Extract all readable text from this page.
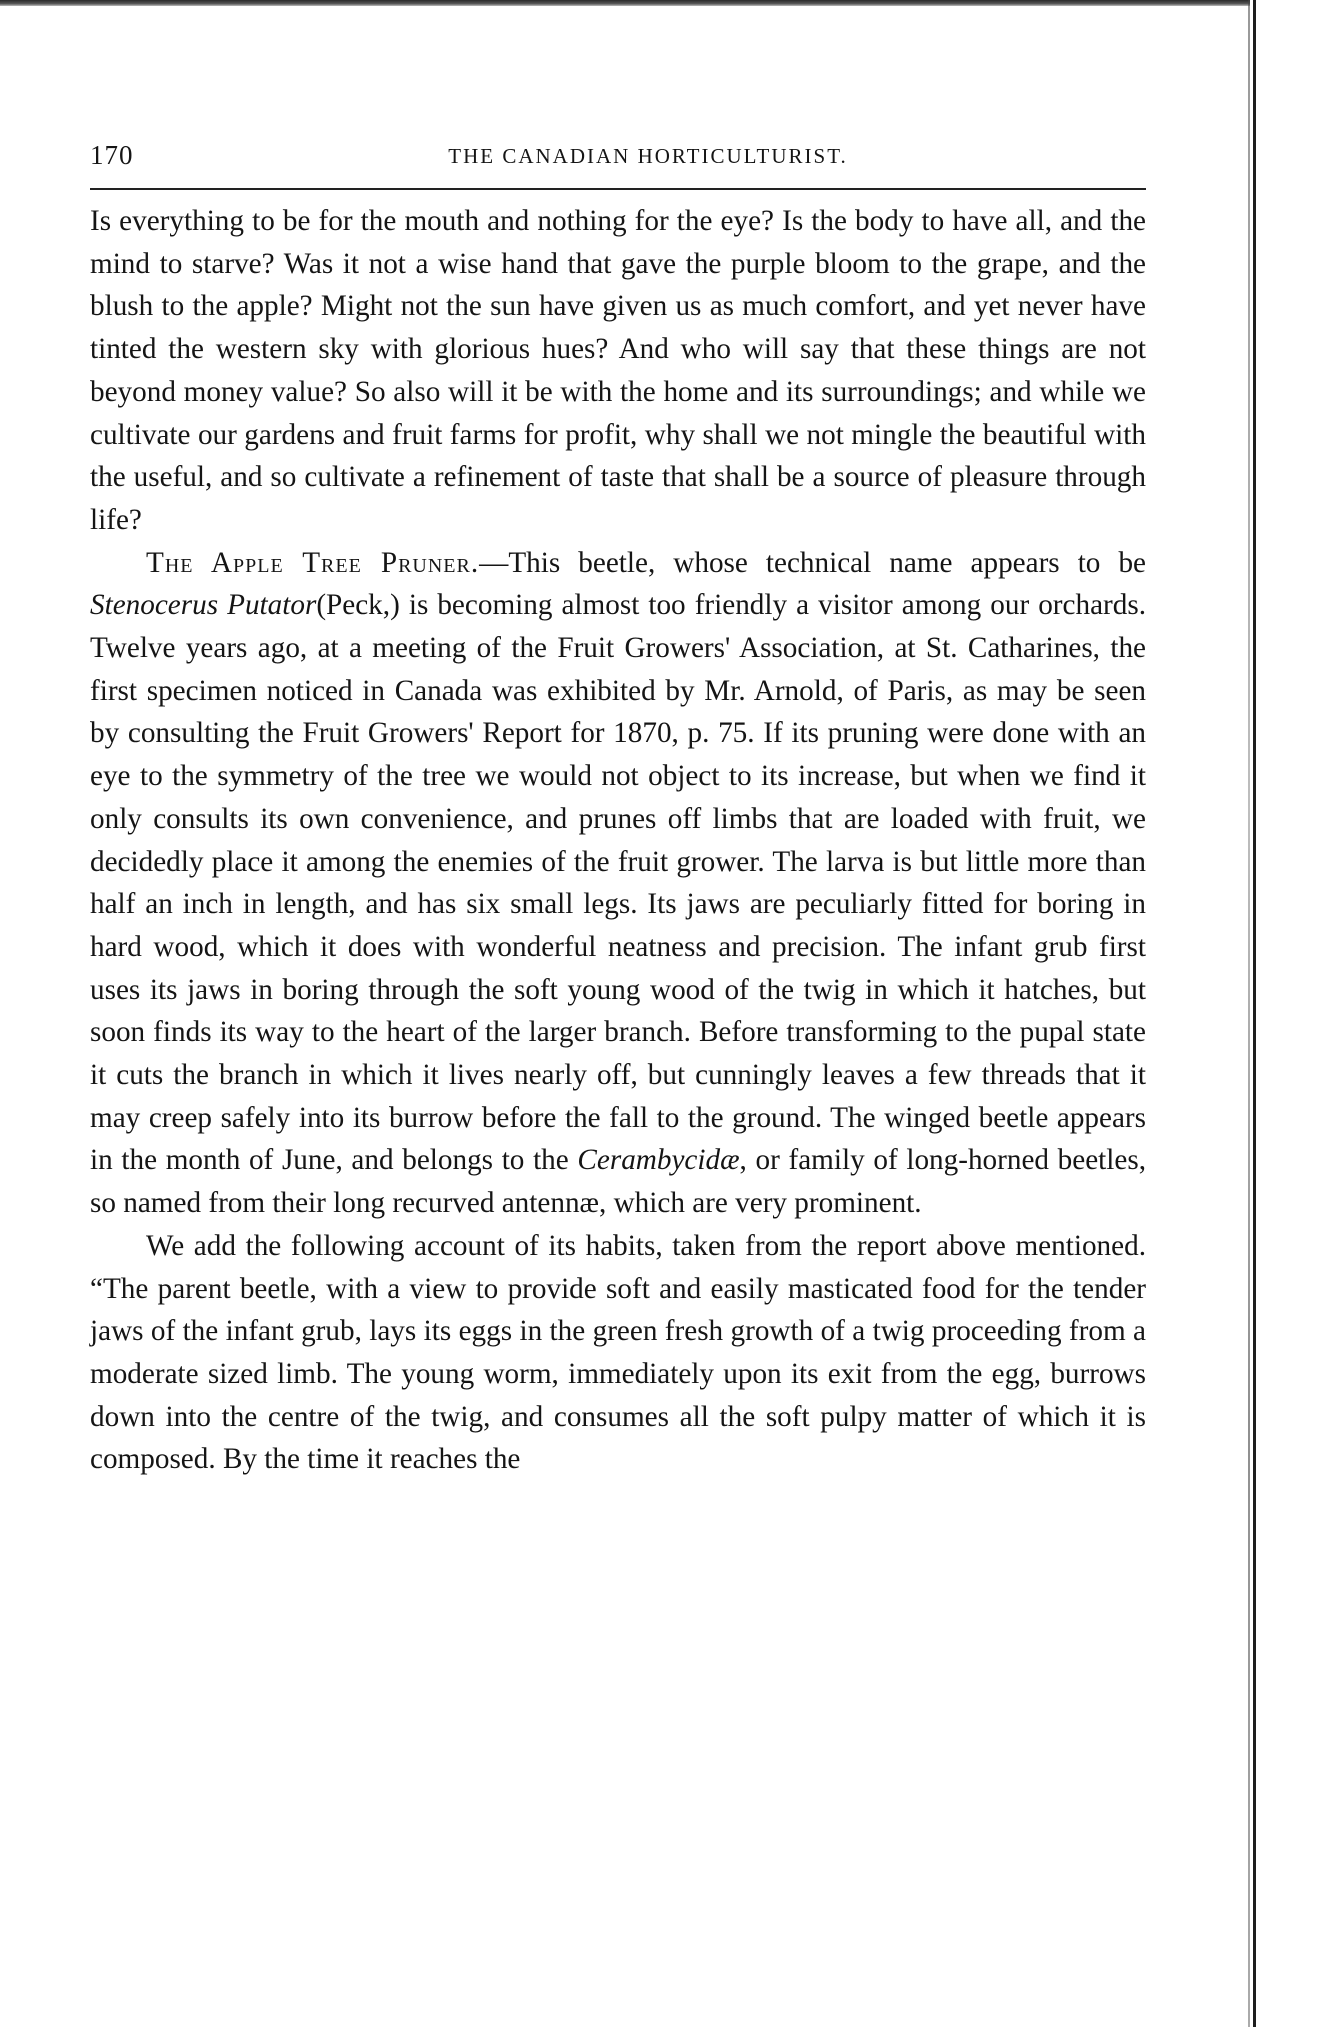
170	THE CANADIAN HORTICULTURIST.

Is everything to be for the mouth and nothing for the eye? Is the body to have all, and the mind to starve? Was it not a wise hand that gave the purple bloom to the grape, and the blush to the apple? Might not the sun have given us as much comfort, and yet never have tinted the western sky with glorious hues? And who will say that these things are not beyond money value? So also will it be with the home and its surroundings; and while we cultivate our gardens and fruit farms for profit, why shall we not mingle the beautiful with the useful, and so cultivate a refinement of taste that shall be a source of pleasure through life?

The Apple Tree Pruner.—This beetle, whose technical name appears to be Stenocerus Putator(Peck,) is becoming almost too friendly a visitor among our orchards. Twelve years ago, at a meeting of the Fruit Growers' Association, at St. Catharines, the first specimen noticed in Canada was exhibited by Mr. Arnold, of Paris, as may be seen by consulting the Fruit Growers' Report for 1870, p. 75. If its pruning were done with an eye to the symmetry of the tree we would not object to its increase, but when we find it only consults its own convenience, and prunes off limbs that are loaded with fruit, we decidedly place it among the enemies of the fruit grower. The larva is but little more than half an inch in length, and has six small legs. Its jaws are peculiarly fitted for boring in hard wood, which it does with wonderful neatness and precision. The infant grub first uses its jaws in boring through the soft young wood of the twig in which it hatches, but soon finds its way to the heart of the larger branch. Before transforming to the pupal state it cuts the branch in which it lives nearly off, but cunningly leaves a few threads that it may creep safely into its burrow before the fall to the ground. The winged beetle appears in the month of June, and belongs to the Cerambycidæ, or family of long-horned beetles, so named from their long recurved antennæ, which are very prominent.

We add the following account of its habits, taken from the report above mentioned. “The parent beetle, with a view to provide soft and easily masticated food for the tender jaws of the infant grub, lays its eggs in the green fresh growth of a twig proceeding from a moderate sized limb. The young worm, immediately upon its exit from the egg, burrows down into the centre of the twig, and consumes all the soft pulpy matter of which it is composed. By the time it reaches the
